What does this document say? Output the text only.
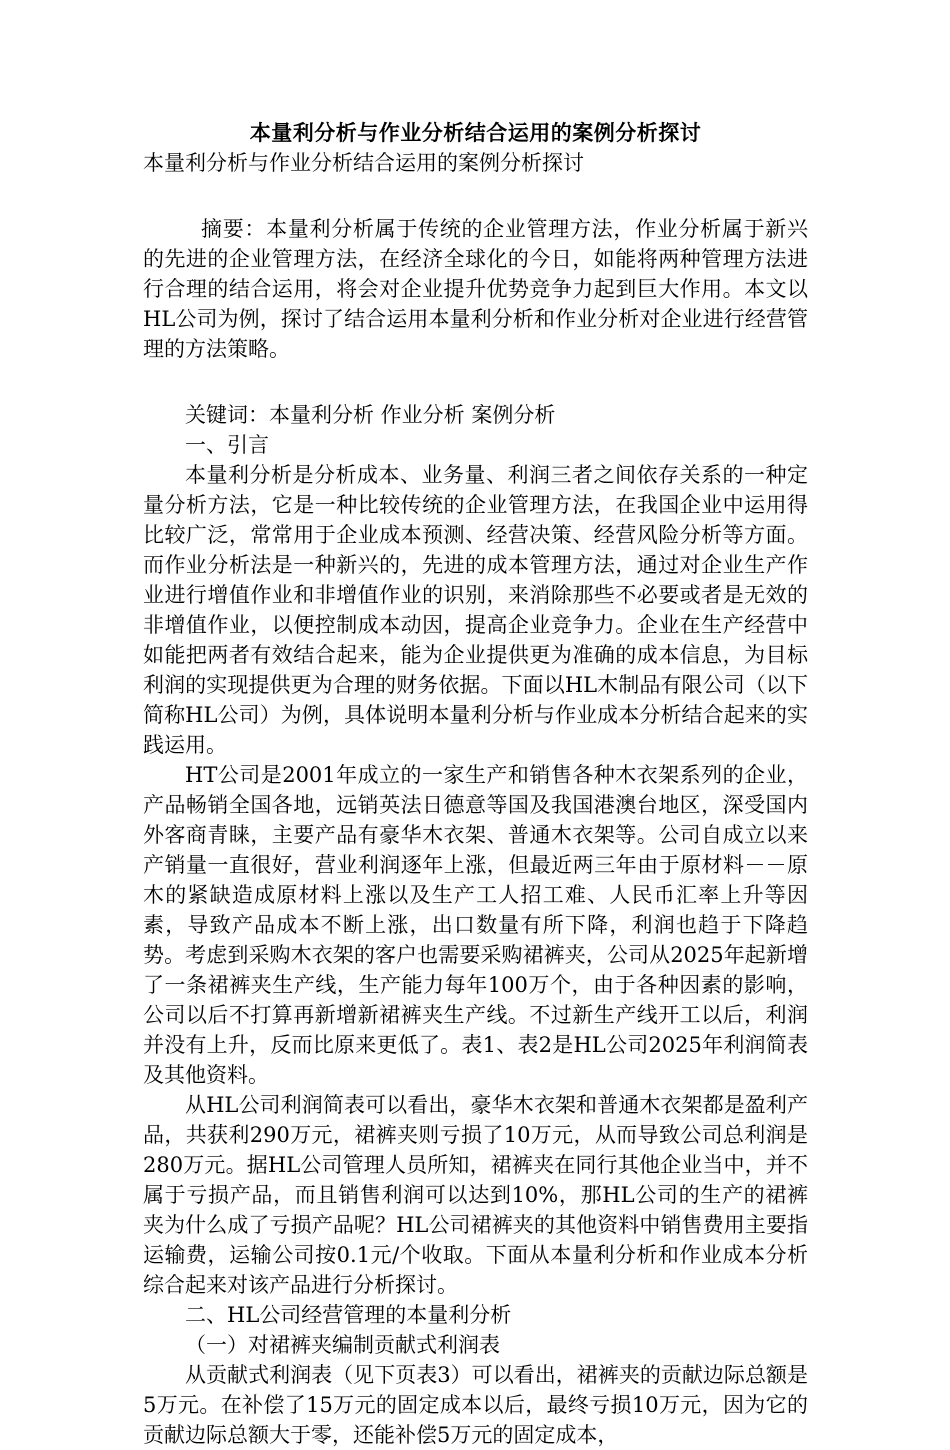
本量利分析与作业分析结合运用的案例分析探讨

本量利分析与作业分析结合运用的案例分析探讨

摘要：本量利分析属于传统的企业管理方法，作业分析属于新兴的先进的企业管理方法，在经济全球化的今日，如能将两种管理方法进行合理的结合运用，将会对企业提升优势竞争力起到巨大作用。本文以HL公司为例，探讨了结合运用本量利分析和作业分析对企业进行经营管理的方法策略。

关键词：本量利分析 作业分析 案例分析

一、引言

本量利分析是分析成本、业务量、利润三者之间依存关系的一种定量分析方法，它是一种比较传统的企业管理方法，在我国企业中运用得比较广泛，常常用于企业成本预测、经营决策、经营风险分析等方面。而作业分析法是一种新兴的，先进的成本管理方法，通过对企业生产作业进行增值作业和非增值作业的识别，来消除那些不必要或者是无效的非增值作业，以便控制成本动因，提高企业竞争力。企业在生产经营中如能把两者有效结合起来，能为企业提供更为准确的成本信息，为目标利润的实现提供更为合理的财务依据。下面以HL木制品有限公司（以下简称HL公司）为例，具体说明本量利分析与作业成本分析结合起来的实践运用。

HT公司是2001年成立的一家生产和销售各种木衣架系列的企业，产品畅销全国各地，远销英法日德意等国及我国港澳台地区，深受国内外客商青睐，主要产品有豪华木衣架、普通木衣架等。公司自成立以来产销量一直很好，营业利润逐年上涨，但最近两三年由于原材料－－原木的紧缺造成原材料上涨以及生产工人招工难、人民币汇率上升等因素，导致产品成本不断上涨，出口数量有所下降，利润也趋于下降趋势。考虑到采购木衣架的客户也需要采购裙裤夹，公司从2025年起新增了一条裙裤夹生产线，生产能力每年100万个，由于各种因素的影响，公司以后不打算再新增新裙裤夹生产线。不过新生产线开工以后，利润并没有上升，反而比原来更低了。表1、表2是HL公司2025年利润简表及其他资料。

从HL公司利润简表可以看出，豪华木衣架和普通木衣架都是盈利产品，共获利290万元，裙裤夹则亏损了10万元，从而导致公司总利润是280万元。据HL公司管理人员所知，裙裤夹在同行其他企业当中，并不属于亏损产品，而且销售利润可以达到10%，那HL公司的生产的裙裤夹为什么成了亏损产品呢？HL公司裙裤夹的其他资料中销售费用主要指运输费，运输公司按0.1元/个收取。下面从本量利分析和作业成本分析综合起来对该产品进行分析探讨。

二、HL公司经营管理的本量利分析

（一）对裙裤夹编制贡献式利润表

从贡献式利润表（见下页表3）可以看出，裙裤夹的贡献边际总额是5万元。在补偿了15万元的固定成本以后，最终亏损10万元，因为它的贡献边际总额大于零，还能补偿5万元的固定成本，
